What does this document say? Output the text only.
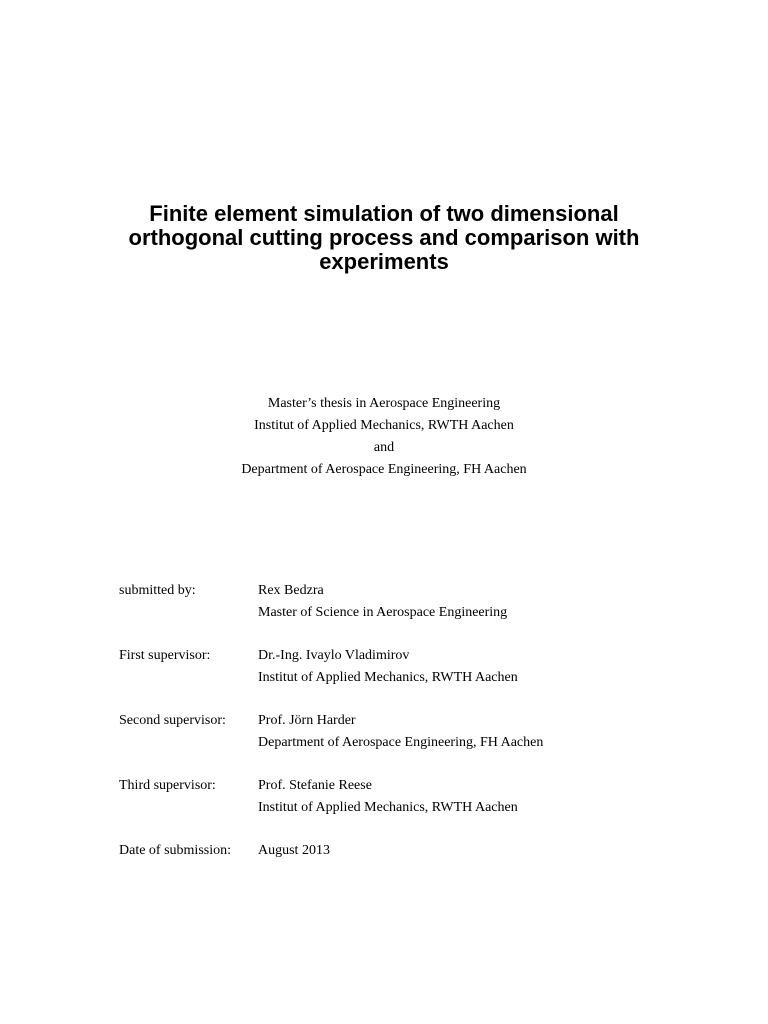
Finite element simulation of two dimensional
orthogonal cutting process and comparison with
experiments
Master’s thesis in Aerospace Engineering
Institut of Applied Mechanics, RWTH Aachen
and
Department of Aerospace Engineering, FH Aachen
submitted by:	Rex Bedzra
Master of Science in Aerospace Engineering
First supervisor:	Dr.-Ing. Ivaylo Vladimirov
Institut of Applied Mechanics, RWTH Aachen
Second supervisor:	Prof. Jörn Harder
Department of Aerospace Engineering, FH Aachen
Third supervisor:	Prof. Stefanie Reese
Institut of Applied Mechanics, RWTH Aachen
Date of submission:	August 2013
